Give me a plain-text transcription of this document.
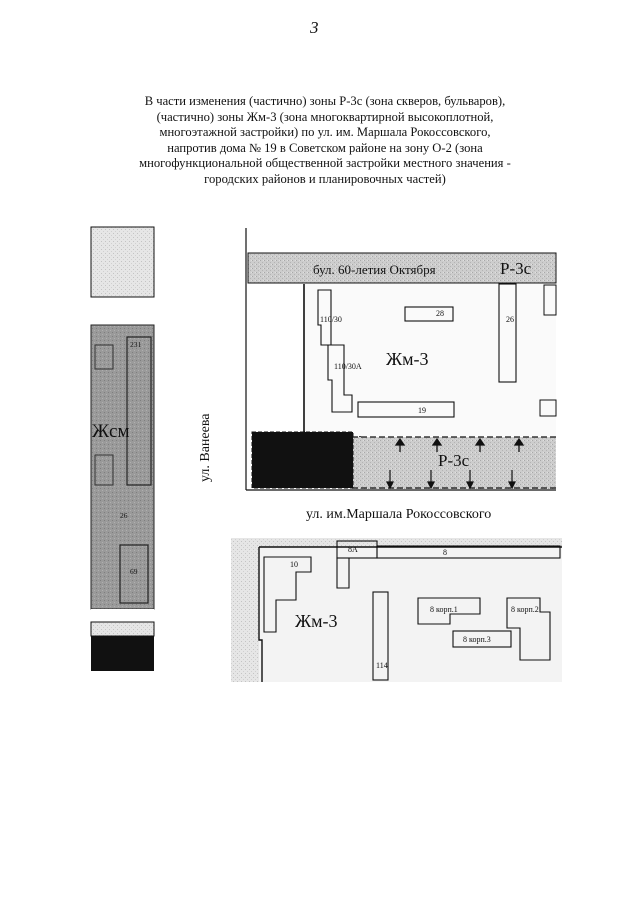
3
В части изменения (частично) зоны Р-3с (зона скверов, бульваров),
(частично) зоны Жм-3 (зона многоквартирной высокоплотной,
многоэтажной застройки) по ул. им. Маршала Рокоссовского,
напротив дома № 19 в Советском районе на зону О-2 (зона
многофункциональной общественной застройки местного значения -
городских районов и планировочных частей)
Жсм
231
26
69
ул. Ванеева
бул. 60-летия Октября	Р-3с
110/30
28
26
110/30А
19
Жм-3
Р-3с
ул. им.Маршала Рокоссовского
8А	8
10
114
8 корп.1	8 корп.2
8 корп.3
Жм-3
